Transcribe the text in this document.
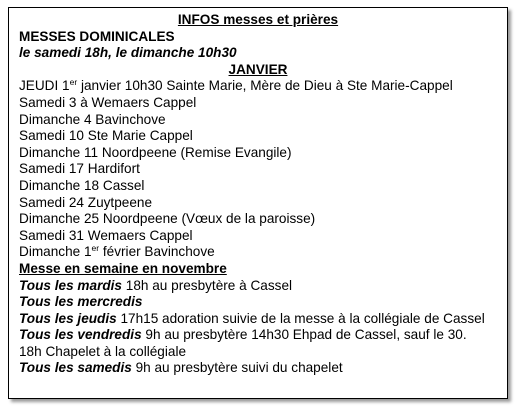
INFOS messes et prières
MESSES DOMINICALES
le samedi 18h, le dimanche 10h30
JANVIER
JEUDI 1er janvier 10h30 Sainte Marie, Mère de Dieu à Ste Marie-Cappel
Samedi 3 à Wemaers Cappel
Dimanche 4 Bavinchove
Samedi 10 Ste Marie Cappel
Dimanche 11 Noordpeene (Remise Evangile)
Samedi 17 Hardifort
Dimanche 18 Cassel
Samedi 24 Zuytpeene
Dimanche 25 Noordpeene (Vœux de la paroisse)
Samedi 31 Wemaers Cappel
Dimanche 1er février Bavinchove
Messe en semaine en novembre
Tous les mardis 18h au presbytère à Cassel
Tous les mercredis
Tous les jeudis 17h15 adoration suivie de la messe à la collégiale de Cassel
Tous les vendredis 9h au presbytère 14h30 Ehpad de Cassel, sauf le 30.
18h Chapelet à la collégiale
Tous les samedis 9h au presbytère suivi du chapelet
